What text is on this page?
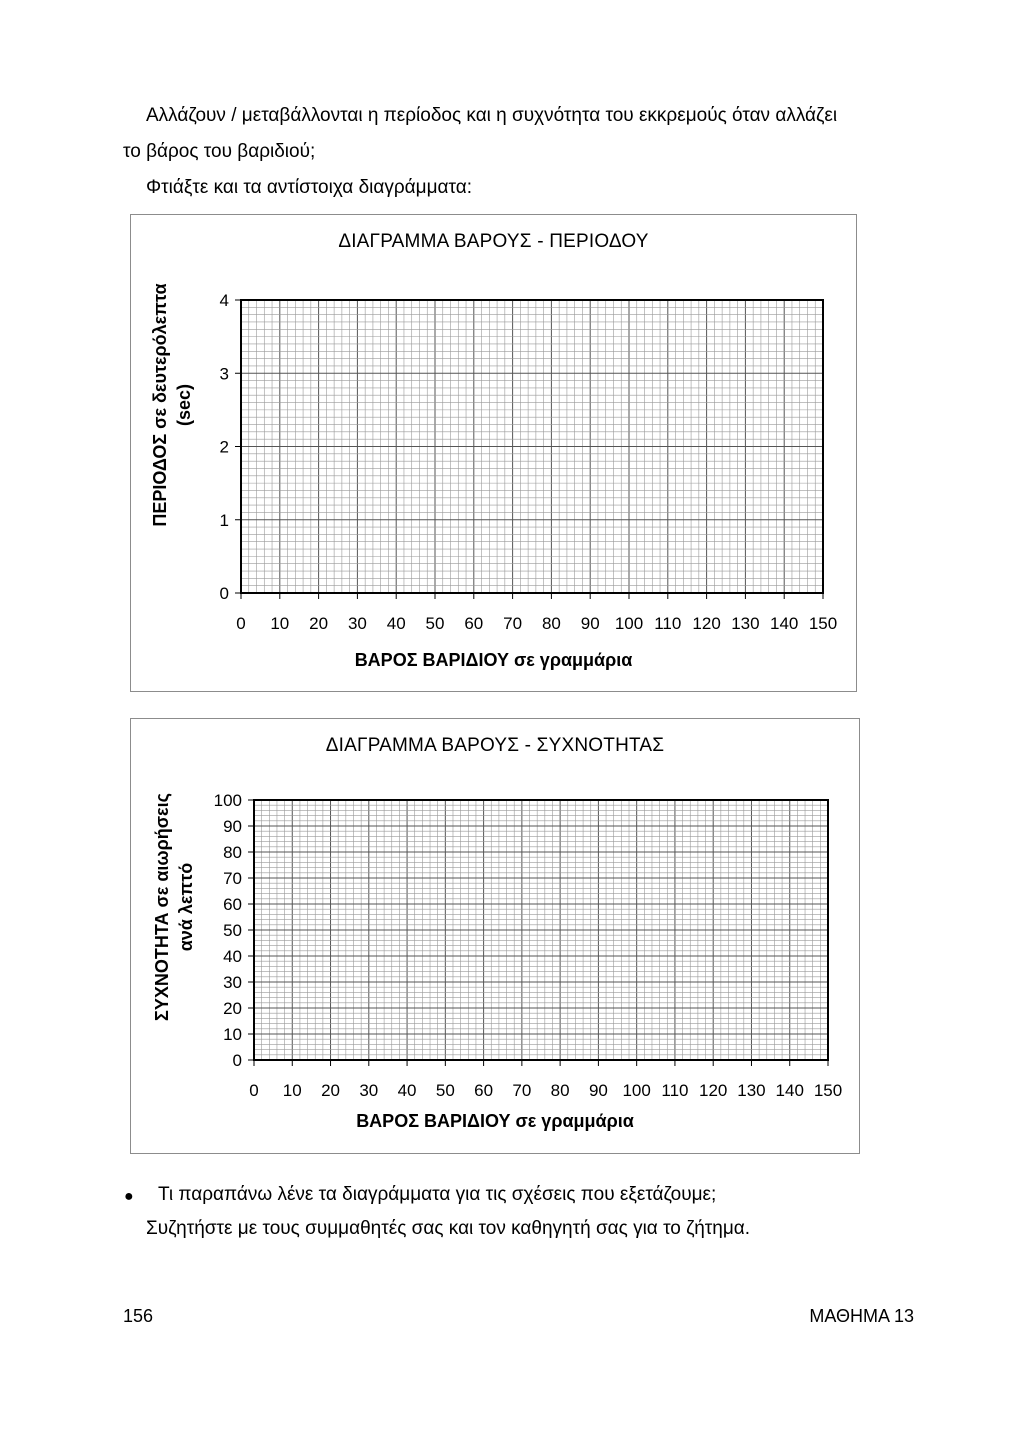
Αλλάζουν / μεταβάλλονται η περίοδος και η συχνότητα του εκκρεμούς όταν αλλάζει
το βάρος του βαριδιού;
Φτιάξτε και τα αντίστοιχα διαγράμματα:
ΔΙΑΓΡΑΜΜΑ ΒΑΡΟΥΣ - ΠΕΡΙΟΔΟΥ
ΠΕΡΙΟΔΟΣ σε δευτερόλεπτα (sec)
0
1
2
3
4
0 10 20 30 40 50 60 70 80 90 100 110 120 130 140 150
ΒΑΡΟΣ ΒΑΡΙΔΙΟΥ σε γραμμάρια
ΔΙΑΓΡΑΜΜΑ ΒΑΡΟΥΣ - ΣΥΧΝΟΤΗΤΑΣ
ΣΥΧΝΟΤΗΤΑ σε αιωρήσεις ανά λεπτό
0
10
20
30
40
50
60
70
80
90
100
0 10 20 30 40 50 60 70 80 90 100 110 120 130 140 150
ΒΑΡΟΣ ΒΑΡΙΔΙΟΥ σε γραμμάρια
● Τι παραπάνω λένε τα διαγράμματα για τις σχέσεις που εξετάζουμε;
Συζητήστε με τους συμμαθητές σας και τον καθηγητή σας για το ζήτημα.
156	ΜΑΘΗΜΑ 13
